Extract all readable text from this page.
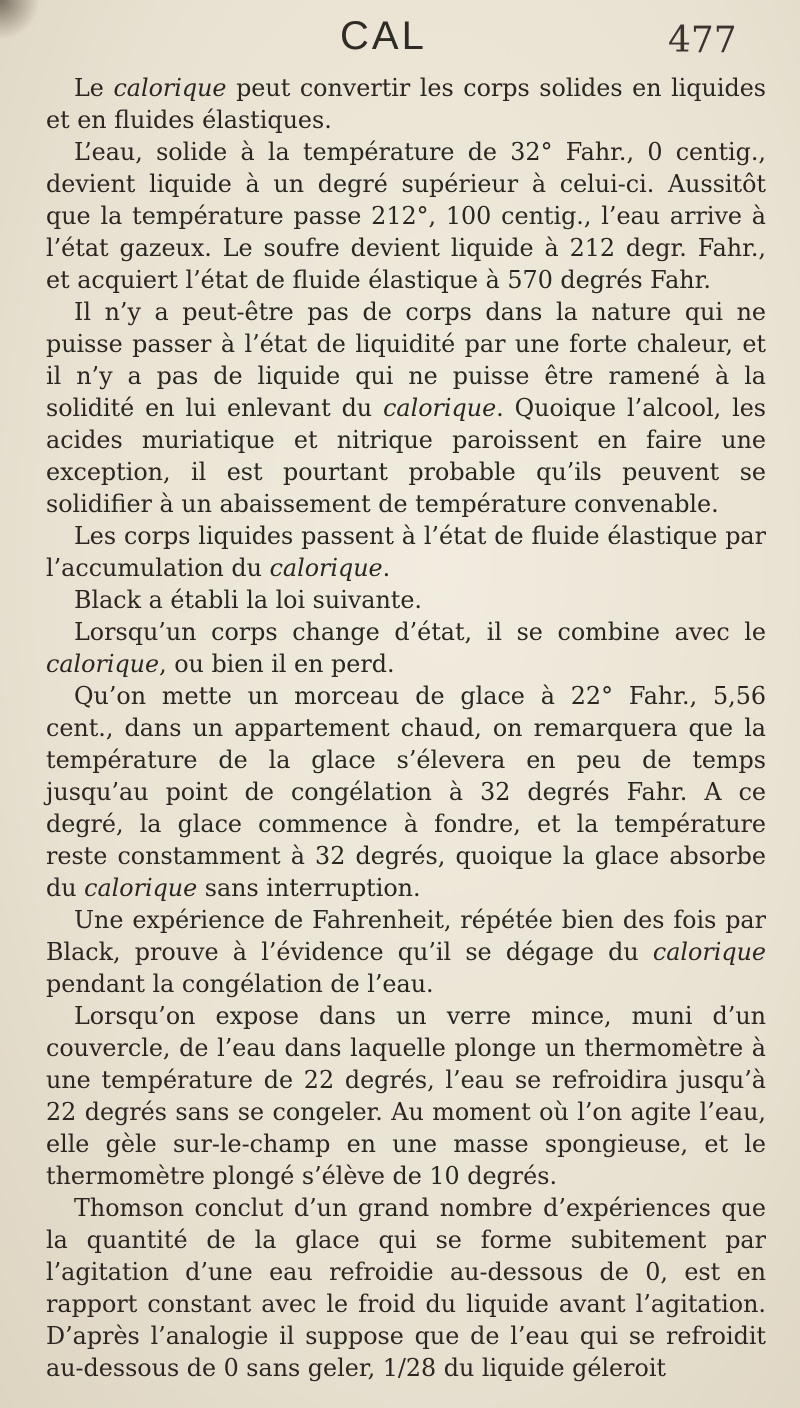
CAL	477

Le calorique peut convertir les corps solides en liquides et en fluides élastiques.

L’eau, solide à la température de 32° Fahr., 0 centig., devient liquide à un degré supérieur à celui-ci. Aussitôt que la température passe 212°, 100 centig., l’eau arrive à l’état gazeux. Le soufre devient liquide à 212 degr. Fahr., et acquiert l’état de fluide élastique à 570 degrés Fahr.

Il n’y a peut-être pas de corps dans la nature qui ne puisse passer à l’état de liquidité par une forte chaleur, et il n’y a pas de liquide qui ne puisse être ramené à la solidité en lui enlevant du calorique. Quoique l’alcool, les acides muriatique et nitrique paroissent en faire une exception, il est pourtant probable qu’ils peuvent se solidifier à un abaissement de température convenable.

Les corps liquides passent à l’état de fluide élastique par l’accumulation du calorique.

Black a établi la loi suivante.

Lorsqu’un corps change d’état, il se combine avec le calorique, ou bien il en perd.

Qu’on mette un morceau de glace à 22° Fahr., 5,56 cent., dans un appartement chaud, on remarquera que la température de la glace s’élevera en peu de temps jusqu’au point de congélation à 32 degrés Fahr. A ce degré, la glace commence à fondre, et la température reste constamment à 32 degrés, quoique la glace absorbe du calorique sans interruption.

Une expérience de Fahrenheit, répétée bien des fois par Black, prouve à l’évidence qu’il se dégage du calorique pendant la congélation de l’eau.

Lorsqu’on expose dans un verre mince, muni d’un couvercle, de l’eau dans laquelle plonge un thermomètre à une température de 22 degrés, l’eau se refroidira jusqu’à 22 degrés sans se congeler. Au moment où l’on agite l’eau, elle gèle sur-le-champ en une masse spongieuse, et le thermomètre plongé s’élève de 10 degrés.

Thomson conclut d’un grand nombre d’expériences que la quantité de la glace qui se forme subitement par l’agitation d’une eau refroidie au-dessous de 0, est en rapport constant avec le froid du liquide avant l’agitation. D’après l’analogie il suppose que de l’eau qui se refroidit au-dessous de 0 sans geler, 1/28 du liquide géleroit
